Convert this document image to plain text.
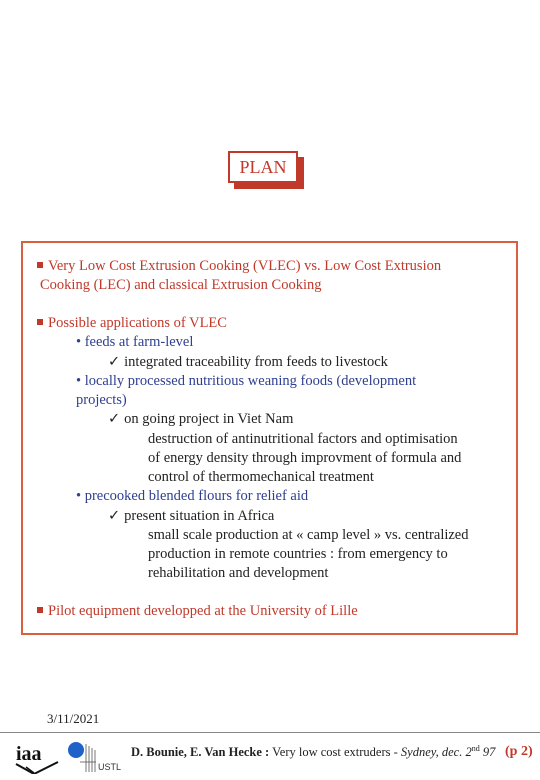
PLAN
Very Low Cost Extrusion Cooking (VLEC) vs. Low Cost Extrusion
Cooking (LEC) and classical Extrusion Cooking
Possible applications of VLEC
• feeds at farm-level
✓ integrated traceability from feeds to livestock
• locally processed nutritious weaning foods (development
projects)
✓ on going project in Viet Nam
destruction of antinutritional factors and optimisation
of energy density through improvment of formula and
control of thermomechanical treatment
• precooked blended flours for relief aid
✓ present situation in Africa
small scale production at « camp level » vs. centralized
production in remote countries : from emergency to
rehabilitation and development
Pilot equipment developped at the University of Lille
3/11/2021
iaa
USTL
D. Bounie, E. Van Hecke : Very low cost extruders - Sydney, dec. 2nd 97 (p 2)
